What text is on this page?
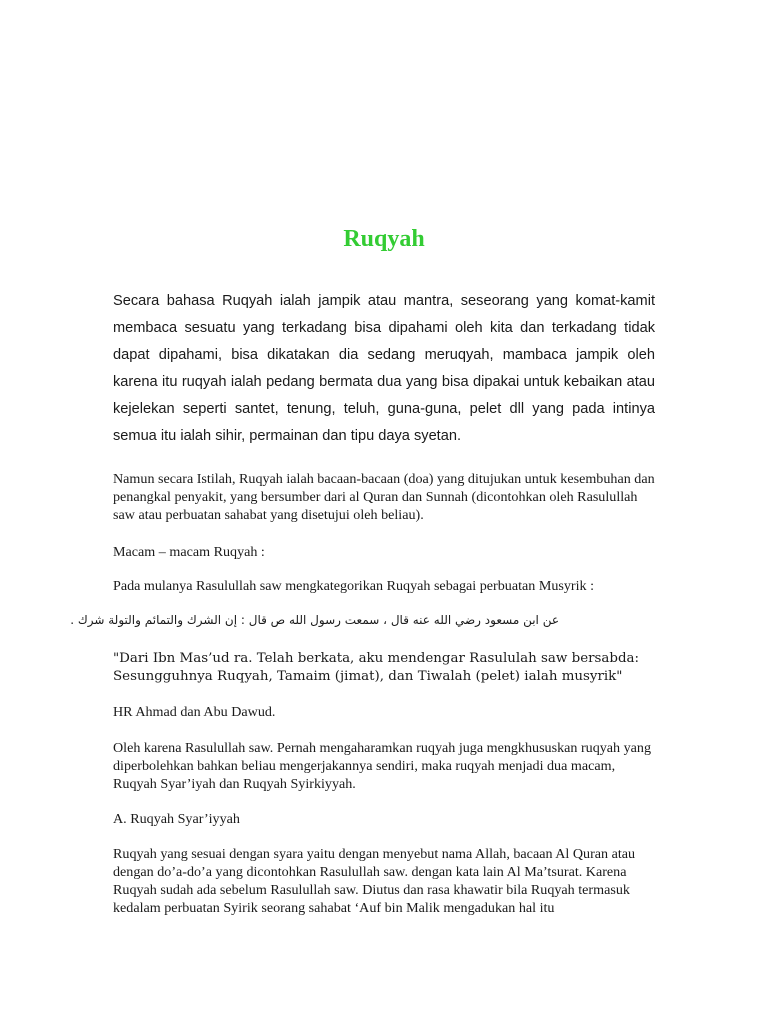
Ruqyah

Secara bahasa Ruqyah ialah jampik atau mantra, seseorang yang komat-kamit membaca sesuatu yang terkadang bisa dipahami oleh kita dan terkadang tidak dapat dipahami, bisa dikatakan dia sedang meruqyah, mambaca jampik oleh karena itu ruqyah ialah pedang bermata dua yang bisa dipakai untuk kebaikan atau kejelekan seperti santet, tenung, teluh, guna-guna, pelet dll yang pada intinya semua itu ialah sihir, permainan dan tipu daya syetan.

Namun secara Istilah, Ruqyah ialah bacaan-bacaan (doa) yang ditujukan untuk kesembuhan dan penangkal penyakit, yang bersumber dari al Quran dan Sunnah (dicontohkan oleh Rasulullah saw atau perbuatan sahabat yang disetujui oleh beliau).

Macam – macam Ruqyah :

Pada mulanya Rasulullah saw mengkategorikan Ruqyah sebagai perbuatan Musyrik :

عن ابن مسعود رضي الله عنه قال ، سمعت رسول الله ص قال : إن الشرك والتمائم والتولة شرك .

"Dari Ibn Mas’ud ra. Telah berkata, aku mendengar Rasululah saw bersabda:

Sesungguhnya Ruqyah, Tamaim (jimat), dan Tiwalah (pelet) ialah musyrik"

HR Ahmad dan Abu Dawud.

Oleh karena Rasulullah saw. Pernah mengaharamkan ruqyah juga mengkhususkan ruqyah yang diperbolehkan bahkan beliau mengerjakannya sendiri, maka ruqyah menjadi dua macam, Ruqyah Syar’iyah dan Ruqyah Syirkiyyah.

A. Ruqyah Syar’iyyah

Ruqyah yang sesuai dengan syara yaitu dengan menyebut nama Allah, bacaan Al Quran atau dengan do’a-do’a yang dicontohkan Rasulullah saw. dengan kata lain Al Ma’tsurat. Karena Ruqyah sudah ada sebelum Rasulullah saw. Diutus dan rasa khawatir bila Ruqyah termasuk kedalam perbuatan Syirik seorang sahabat ‘Auf bin Malik mengadukan hal itu
